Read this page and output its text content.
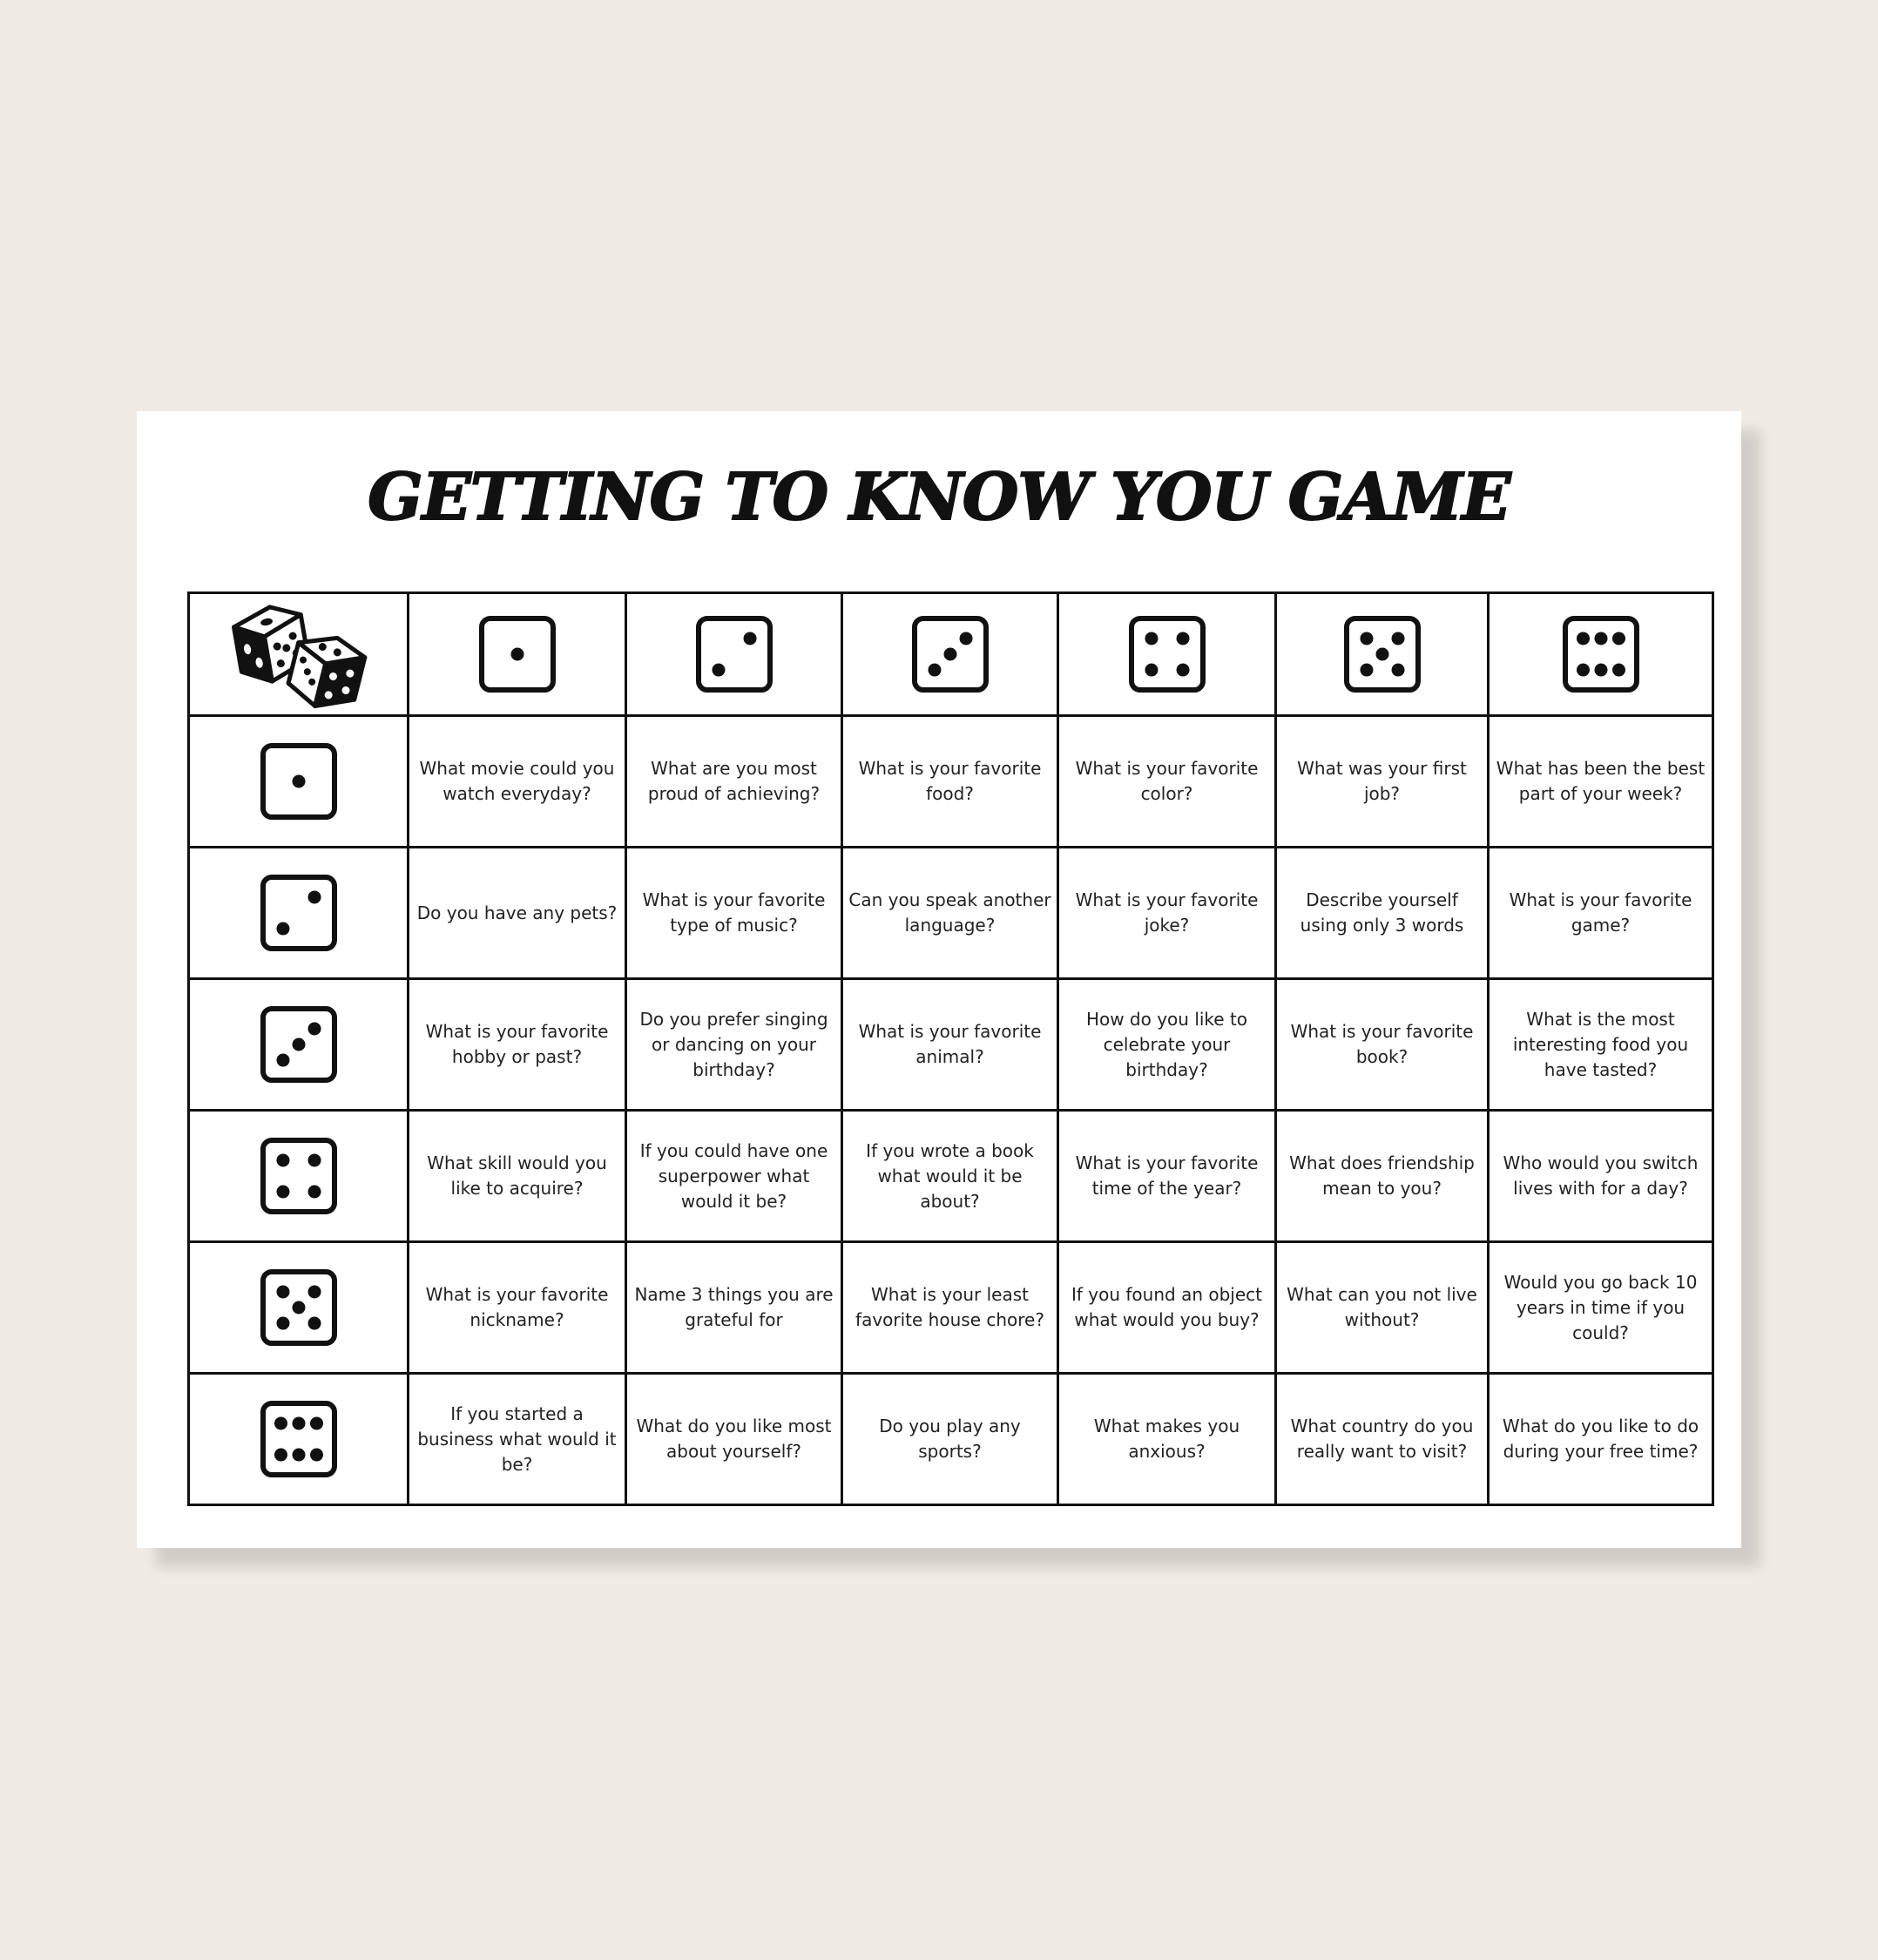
GETTING TO KNOW YOU GAME

	What movie could you watch everyday?	What are you most proud of achieving?	What is your favorite food?	What is your favorite color?	What was your first job?	What has been the best part of your week?

	Do you have any pets?	What is your favorite type of music?	Can you speak another language?	What is your favorite joke?	Describe yourself using only 3 words	What is your favorite game?

	What is your favorite hobby or past?	Do you prefer singing or dancing on your birthday?	What is your favorite animal?	How do you like to celebrate your birthday?	What is your favorite book?	What is the most interesting food you have tasted?

	What skill would you like to acquire?	If you could have one superpower what would it be?	If you wrote a book what would it be about?	What is your favorite time of the year?	What does friendship mean to you?	Who would you switch lives with for a day?

	What is your favorite nickname?	Name 3 things you are grateful for	What is your least favorite house chore?	If you found an object what would you buy?	What can you not live without?	Would you go back 10 years in time if you could?

	If you started a business what would it be?	What do you like most about yourself?	Do you play any sports?	What makes you anxious?	What country do you really want to visit?	What do you like to do during your free time?
